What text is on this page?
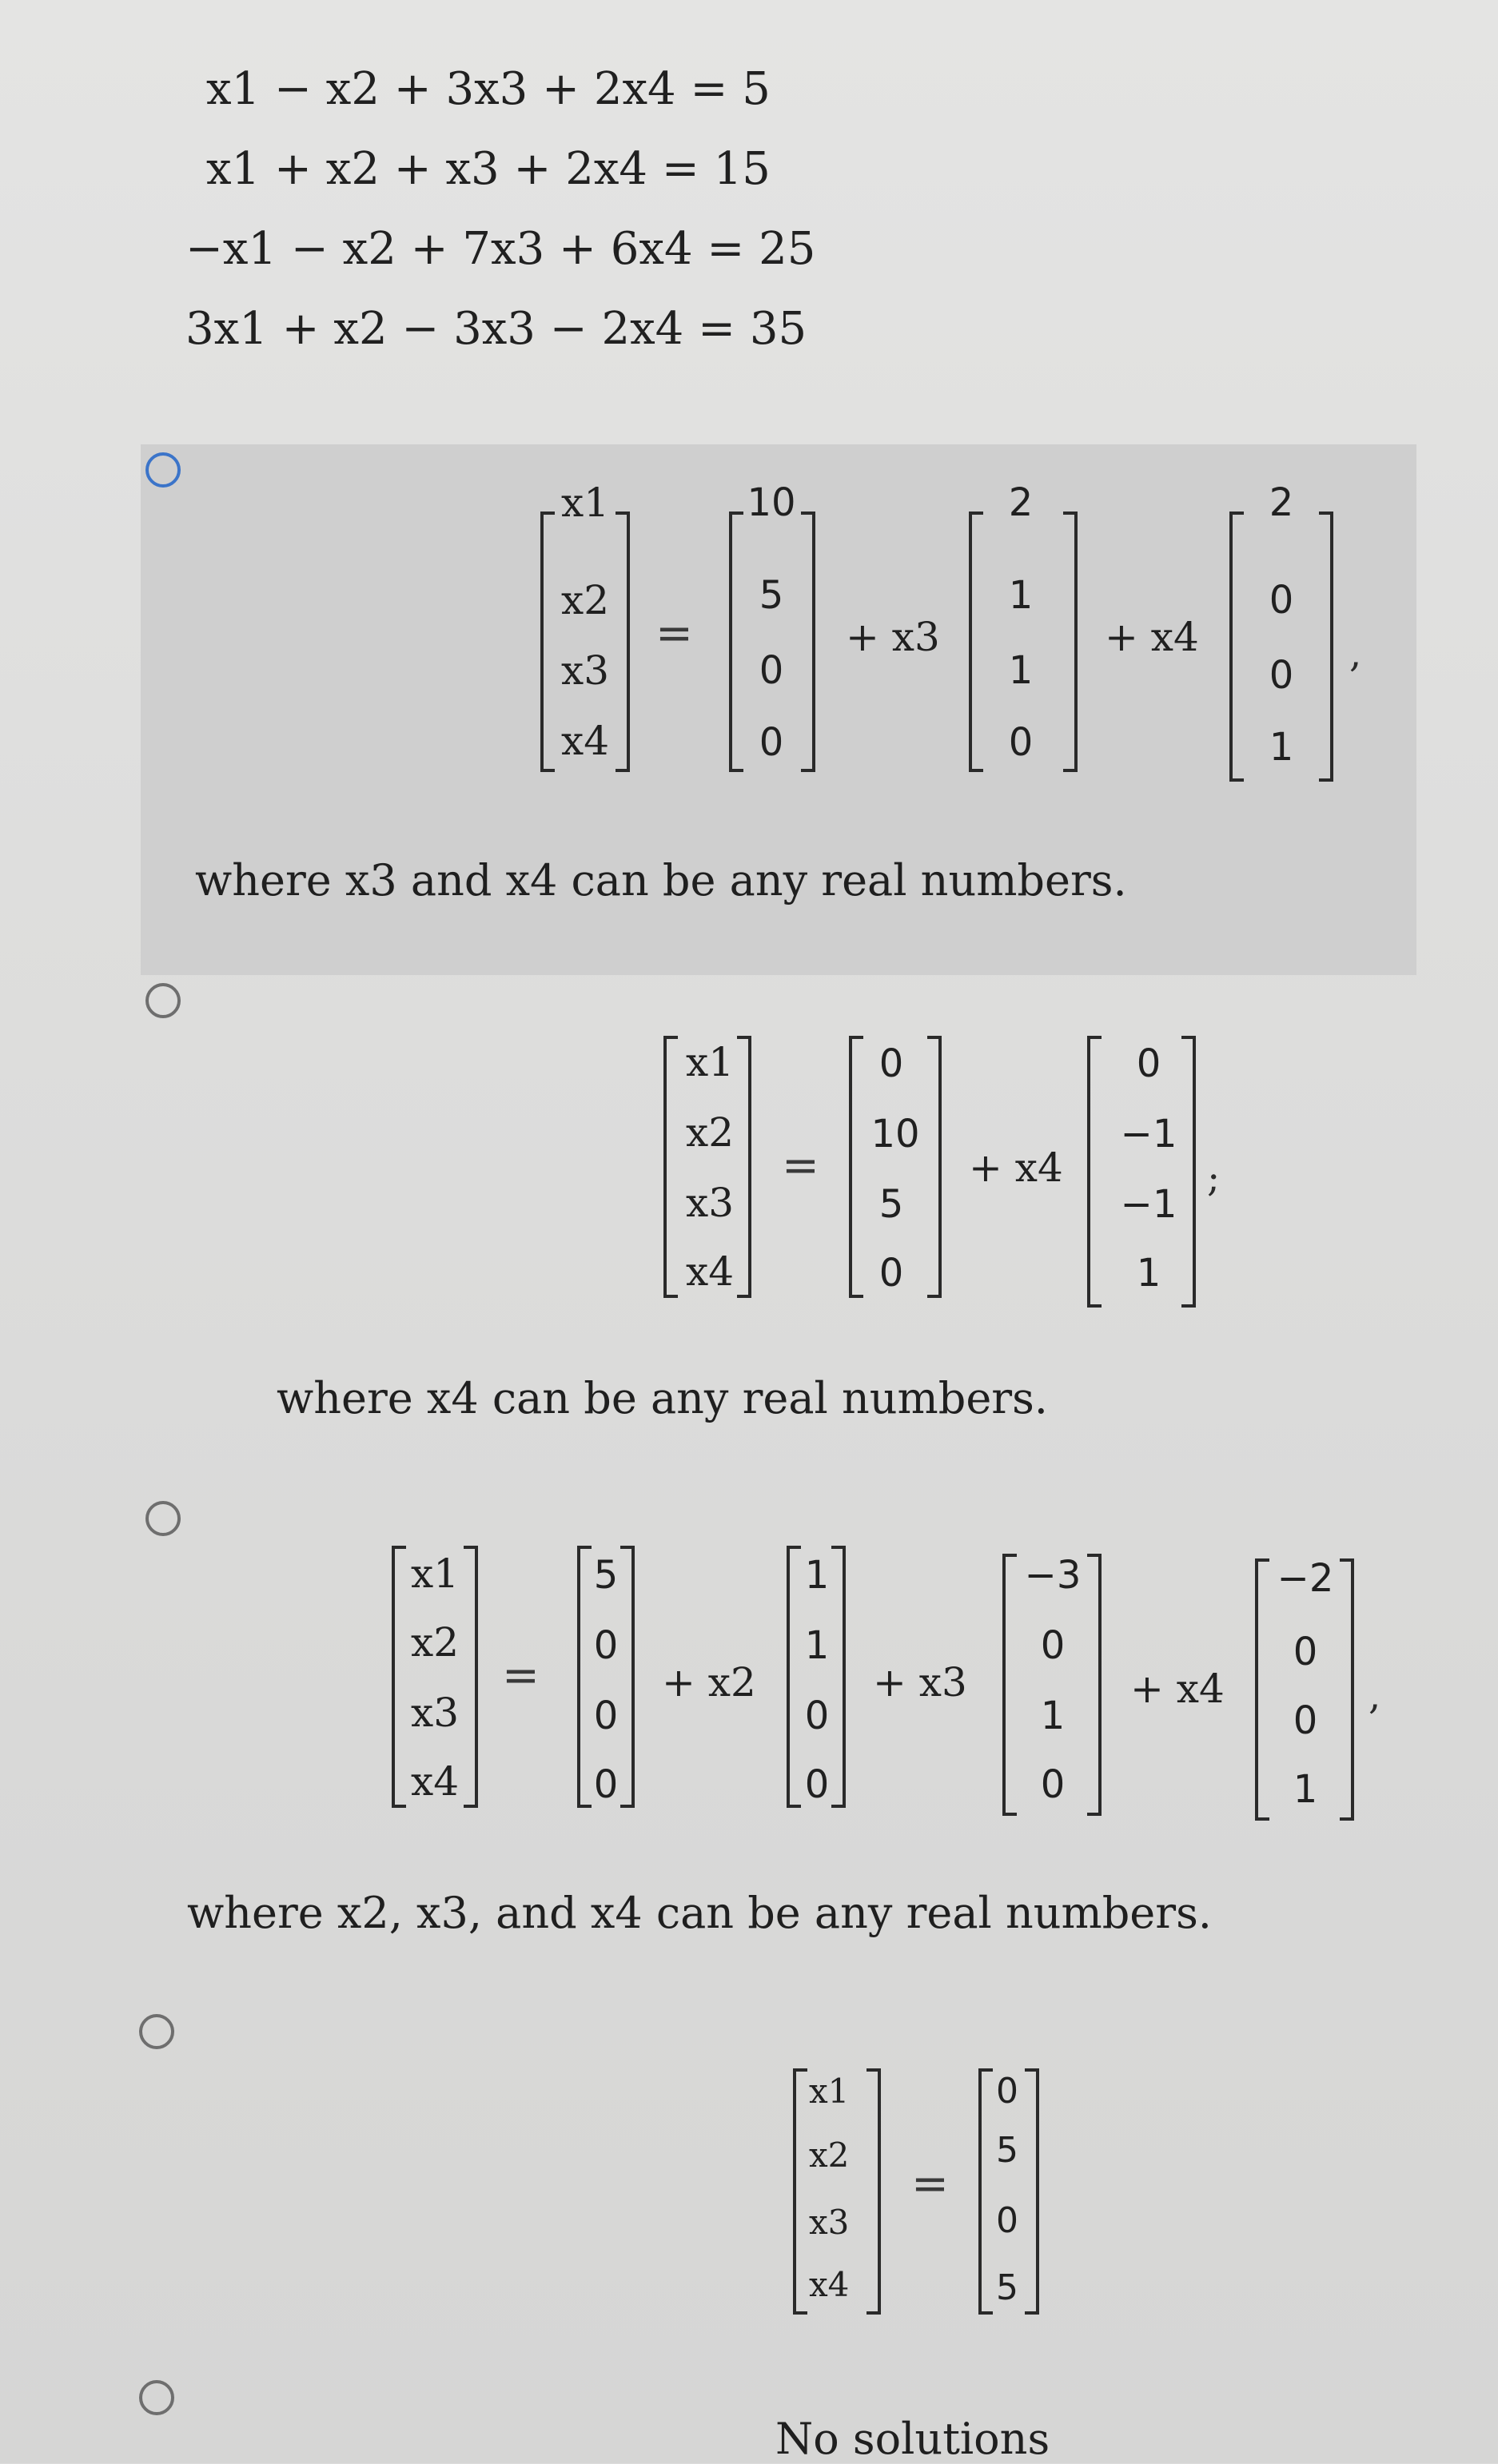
x1 − x2 + 3x3 + 2x4 = 5
x1 + x2 + x3 + 2x4 = 15
−x1 − x2 + 7x3 + 6x4 = 25
3x1 + x2 − 3x3 − 2x4 = 35
x1
x2
x3
x4
=
10
5
0
0
+ x3
2
1
1
0
+ x4
2
0
0
1
,
where x3 and x4 can be any real numbers.
x1
x2
x3
x4
=
0
10
5
0
+ x4
0
−1
−1
1
;
where x4 can be any real numbers.
x1
x2
x3
x4
=
5
0
0
0
+ x2
1
1
0
0
+ x3
−3
0
1
0
+ x4
−2
0
0
1
,
where x2, x3, and x4 can be any real numbers.
x1
x2
x3
x4
=
0
5
0
5
No solutions
